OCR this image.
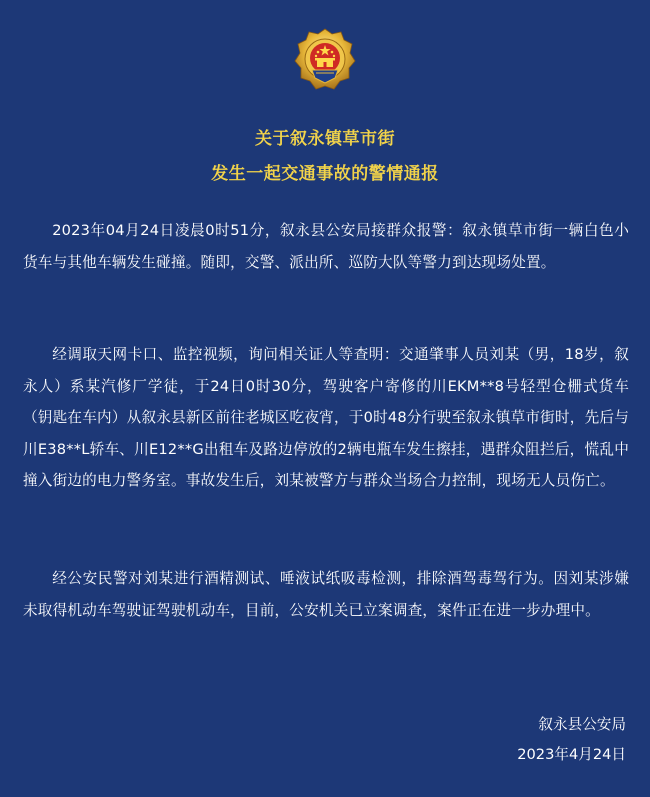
关于叙永镇草市街
发生一起交通事故的警情通报

2023年04月24日凌晨0时51分，叙永县公安局接群众报警：叙永镇草市街一辆白色小货车与其他车辆发生碰撞。随即，交警、派出所、巡防大队等警力到达现场处置。

经调取天网卡口、监控视频，询问相关证人等查明：交通肇事人员刘某（男，18岁，叙永人）系某汽修厂学徒，于24日0时30分，驾驶客户寄修的川EKM**8号轻型仓栅式货车（钥匙在车内）从叙永县新区前往老城区吃夜宵，于0时48分行驶至叙永镇草市街时，先后与川E38**L轿车、川E12**G出租车及路边停放的2辆电瓶车发生擦挂，遇群众阻拦后，慌乱中撞入街边的电力警务室。事故发生后，刘某被警方与群众当场合力控制，现场无人员伤亡。

经公安民警对刘某进行酒精测试、唾液试纸吸毒检测，排除酒驾毒驾行为。因刘某涉嫌未取得机动车驾驶证驾驶机动车，目前，公安机关已立案调查，案件正在进一步办理中。

叙永县公安局
2023年4月24日
